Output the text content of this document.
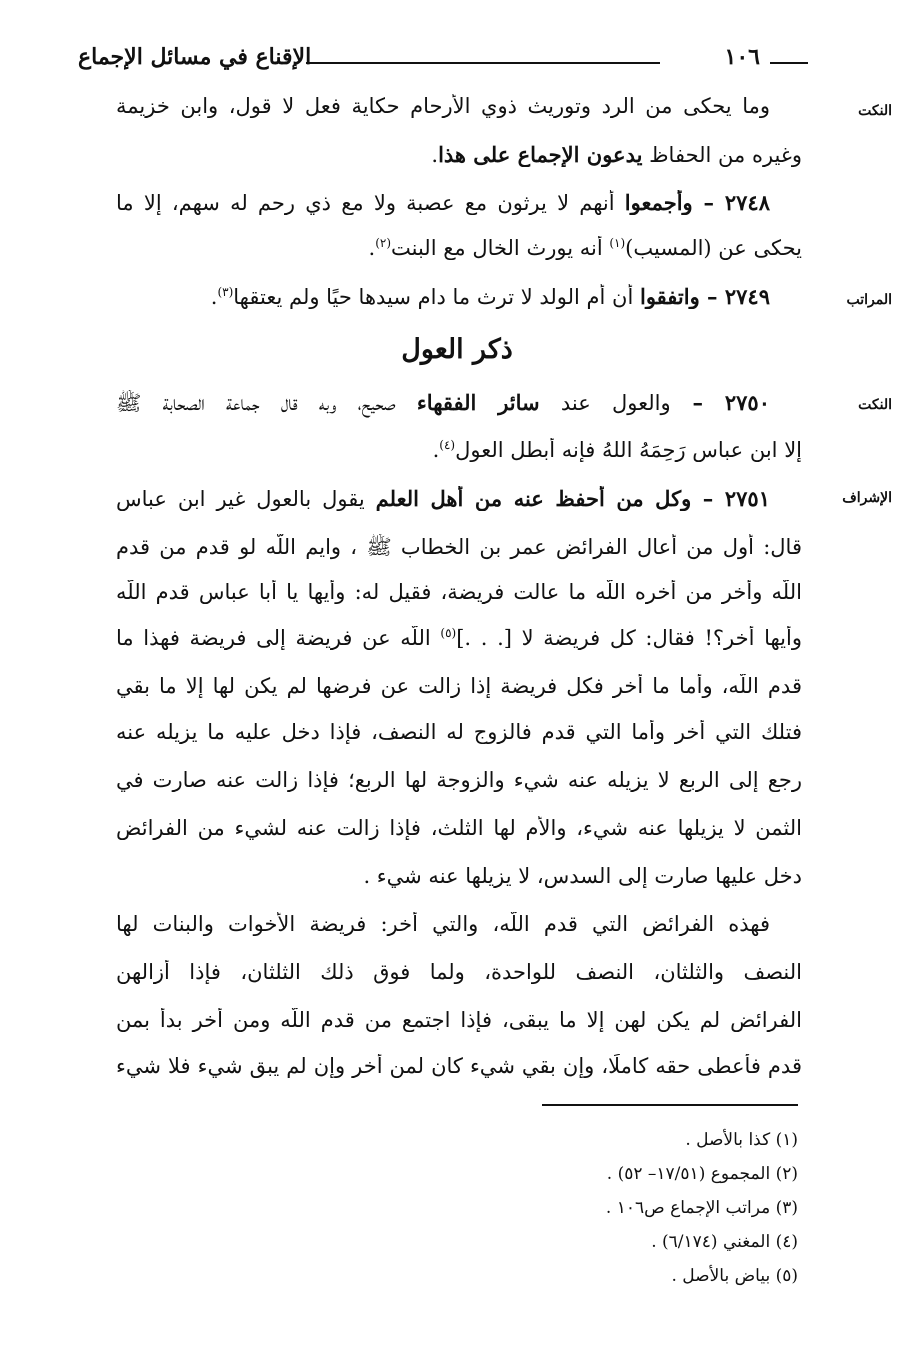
الإقناع في مسائل الإجماع	١٠٦
النكت
المراتب
النكت
الإشراف
وما يحكى من الرد وتوريث ذوي الأرحام حكاية فعل لا قول، وابن خزيمة
وغيره من الحفاظ يدعون الإجماع على هذا.
٢٧٤٨ – وأجمعوا أنهم لا يرثون مع عصبة ولا مع ذي رحم له سهم، إلا ما
يحكى عن (المسيب)$^{(١)}$ أنه يورث الخال مع البنت$^{(٢)}$.
٢٧٤٩ – واتفقوا أن أم الولد لا ترث ما دام سيدها حيًا ولم يعتقها$^{(٣)}$.
ذكر العول
٢٧٥٠ – والعول عند سائر الفقهاء صحيح، وبه قال جماعة الصحابة ﷺ
إلا ابن عباس رَحِمَهُ اللهُ فإنه أبطل العول$^{(٤)}$.
٢٧٥١ – وكل من أحفظ عنه من أهل العلم يقول بالعول غير ابن عباس
قال: أول من أعال الفرائض عمر بن الخطاب ﷺ ، وايم اللّه لو قدم من قدم
اللّه وأخر من أخره اللّه ما عالت فريضة، فقيل له: وأيها يا أبا عباس قدم اللّه
وأيها أخر؟! فقال: كل فريضة لا [. . .]$^{(٥)}$ اللّه عن فريضة إلى فريضة فهذا ما
قدم اللّه، وأما ما أخر فكل فريضة إذا زالت عن فرضها لم يكن لها إلا ما بقي
فتلك التي أخر وأما التي قدم فالزوج له النصف، فإذا دخل عليه ما يزيله عنه
رجع إلى الربع لا يزيله عنه شيء والزوجة لها الربع؛ فإذا زالت عنه صارت في
الثمن لا يزيلها عنه شيء، والأم لها الثلث، فإذا زالت عنه لشيء من الفرائض
دخل عليها صارت إلى السدس، لا يزيلها عنه شيء .
فهذه الفرائض التي قدم اللّه، والتي أخر: فريضة الأخوات والبنات لها
النصف والثلثان، النصف للواحدة، ولما فوق ذلك الثلثان، فإذا أزالهن
الفرائض لم يكن لهن إلا ما يبقى، فإذا اجتمع من قدم اللّه ومن أخر بدأ بمن
قدم فأعطى حقه كاملًا، وإن بقي شيء كان لمن أخر وإن لم يبق شيء فلا شيء
(١) كذا بالأصل .
(٢) المجموع (١٧/٥١– ٥٢) .
(٣) مراتب الإجماع ص١٠٦ .
(٤) المغني (٦/١٧٤) .
(٥) بياض بالأصل .
